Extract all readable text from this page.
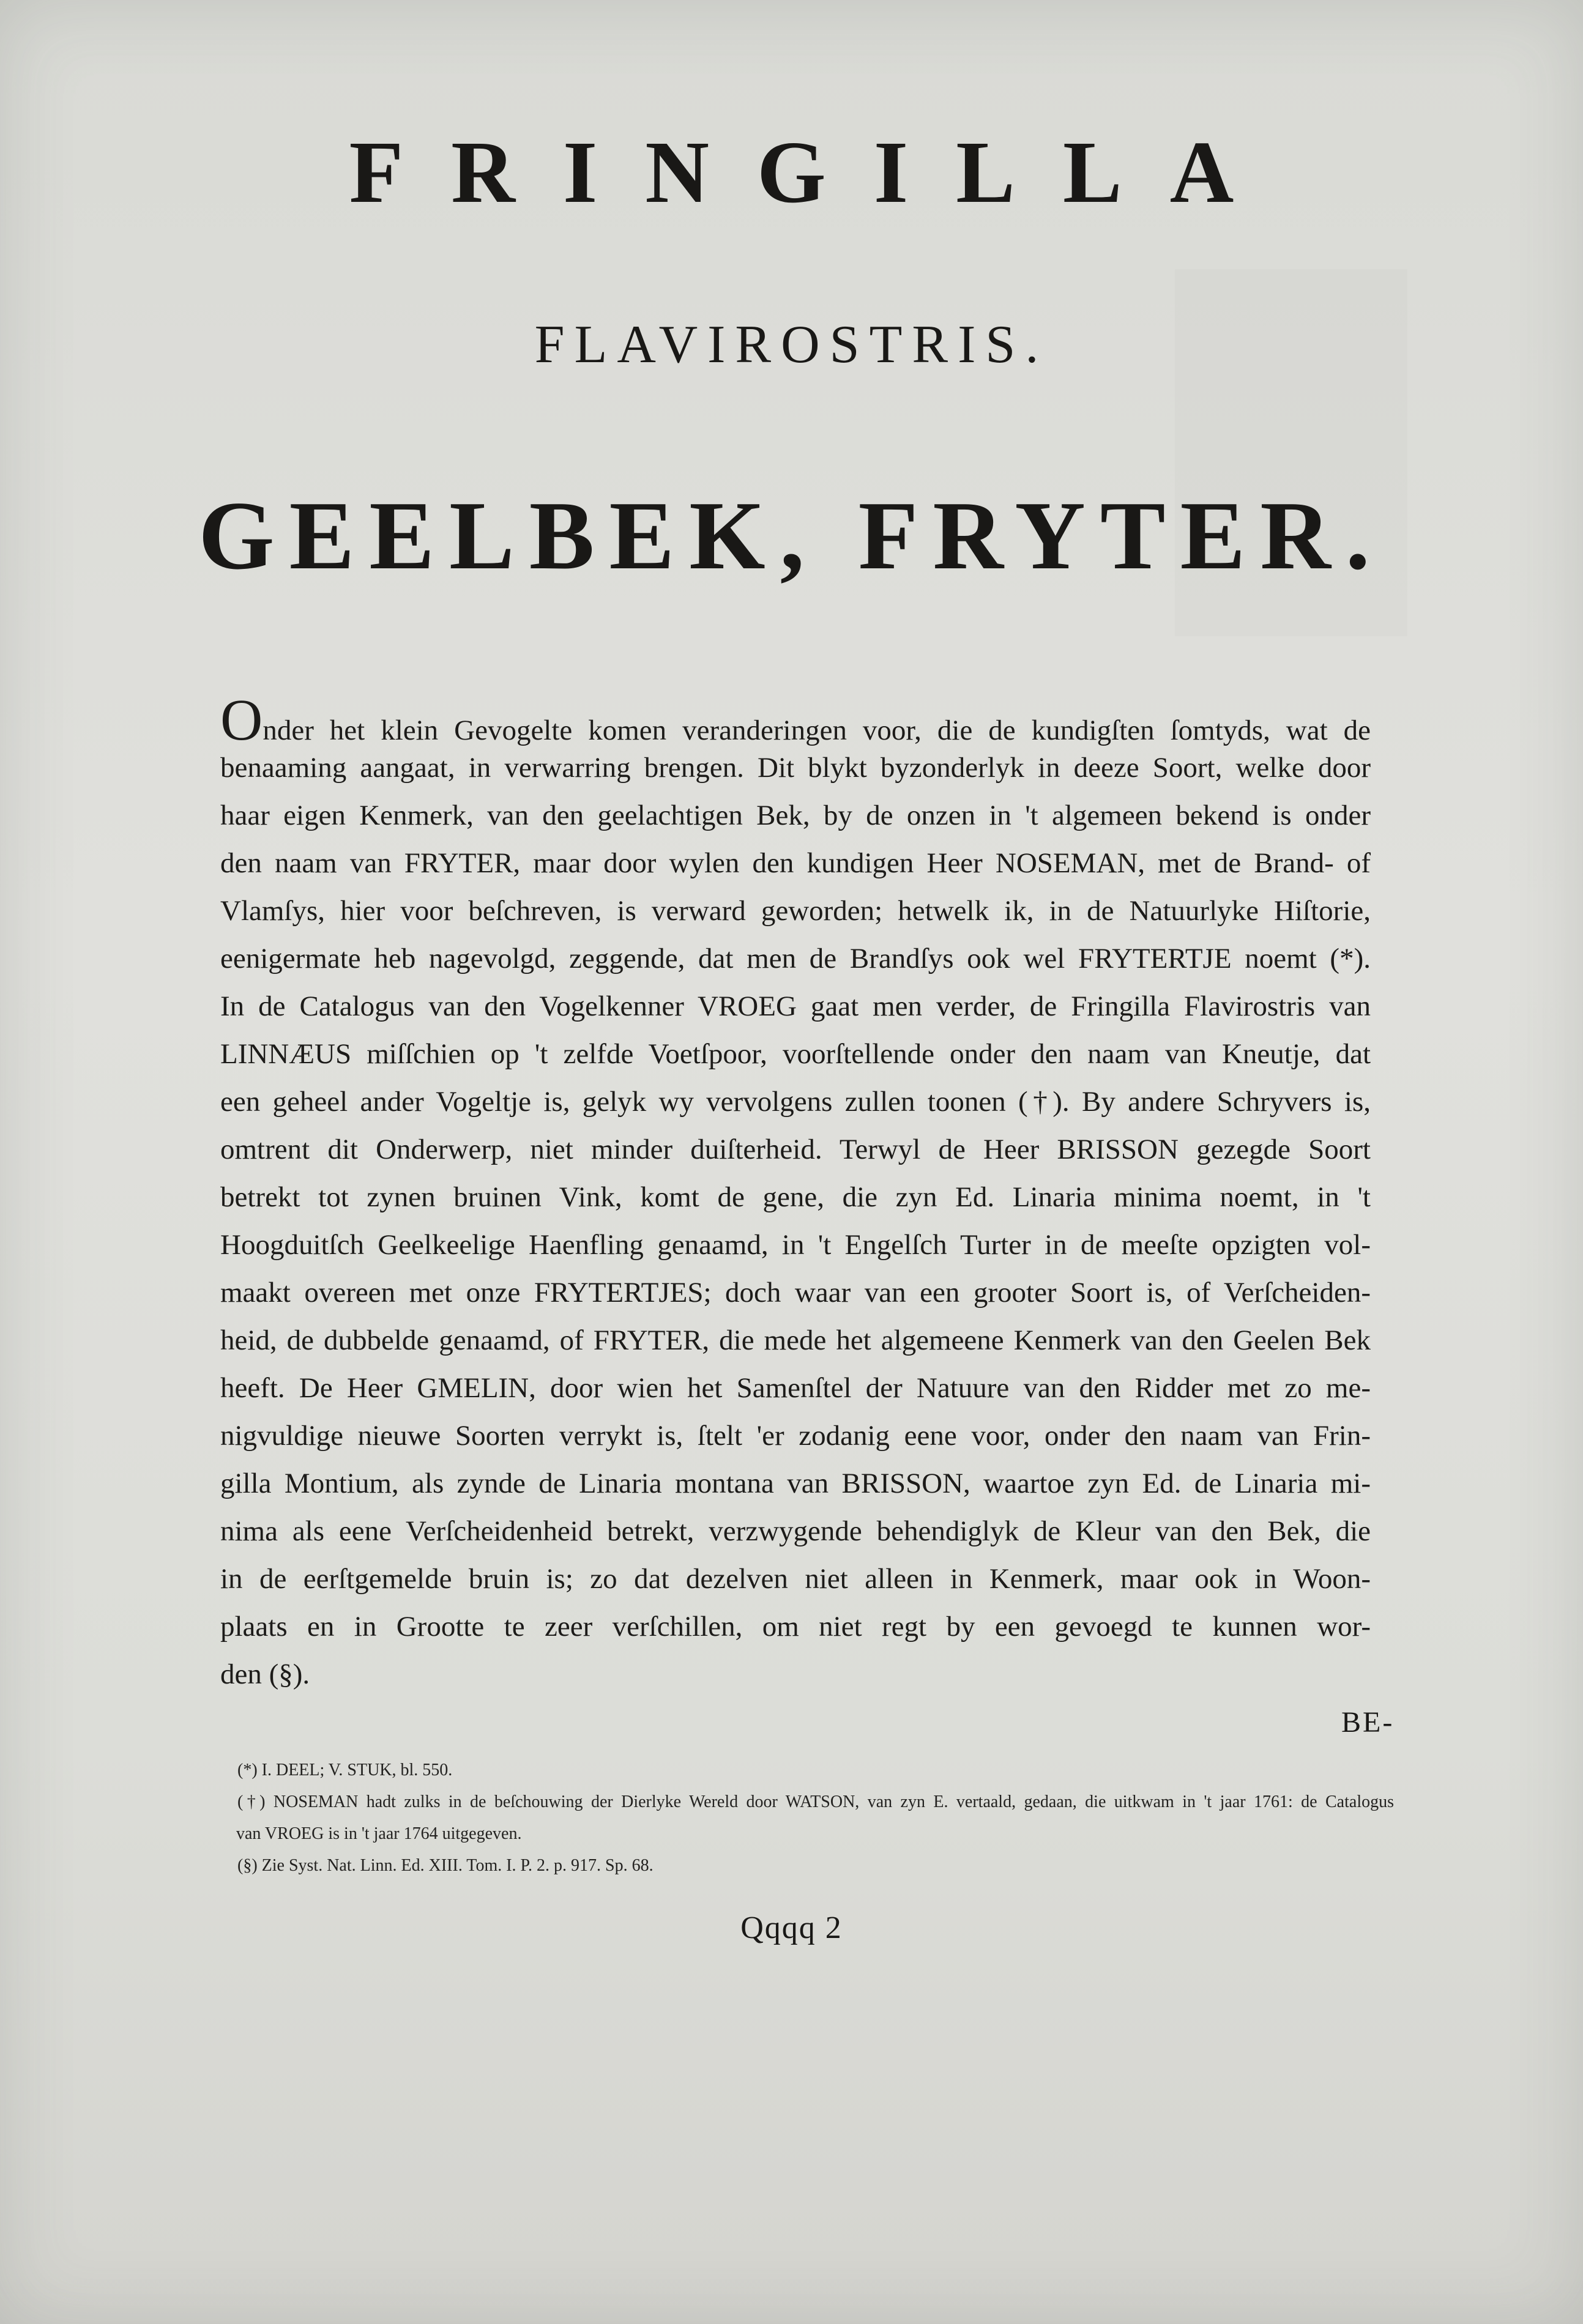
FRINGILLA
FLAVIROSTRIS.
GEELBEK, FRYTER.
Onder het klein Gevogelte komen veranderingen voor, die de kundigſten ſomtyds, wat de
benaaming aangaat, in verwarring brengen. Dit blykt byzonderlyk in deeze Soort, welke door
haar eigen Kenmerk, van den geelachtigen Bek, by de onzen in 't algemeen bekend is onder
den naam van FRYTER, maar door wylen den kundigen Heer NOSEMAN, met de Brand- of
Vlamſys, hier voor beſchreven, is verward geworden; hetwelk ik, in de Natuurlyke Hiſtorie,
eenigermate heb nagevolgd, zeggende, dat men de Brandſys ook wel FRYTERTJE noemt (*).
In de Catalogus van den Vogelkenner VROEG gaat men verder, de Fringilla Flavirostris van
LINNÆUS miſſchien op 't zelfde Voetſpoor, voorſtellende onder den naam van Kneutje, dat
een geheel ander Vogeltje is, gelyk wy vervolgens zullen toonen (†). By andere Schryvers is,
omtrent dit Onderwerp, niet minder duiſterheid. Terwyl de Heer BRISSON gezegde Soort
betrekt tot zynen bruinen Vink, komt de gene, die zyn Ed. Linaria minima noemt, in 't
Hoogduitſch Geelkeelige Haenfling genaamd, in 't Engelſch Turter in de meeſte opzigten vol-
maakt overeen met onze FRYTERTJES; doch waar van een grooter Soort is, of Verſcheiden-
heid, de dubbelde genaamd, of FRYTER, die mede het algemeene Kenmerk van den Geelen Bek
heeft. De Heer GMELIN, door wien het Samenſtel der Natuure van den Ridder met zo me-
nigvuldige nieuwe Soorten verrykt is, ſtelt 'er zodanig eene voor, onder den naam van Frin-
gilla Montium, als zynde de Linaria montana van BRISSON, waartoe zyn Ed. de Linaria mi-
nima als eene Verſcheidenheid betrekt, verzwygende behendiglyk de Kleur van den Bek, die
in de eerſtgemelde bruin is; zo dat dezelven niet alleen in Kenmerk, maar ook in Woon-
plaats en in Grootte te zeer verſchillen, om niet regt by een gevoegd te kunnen wor-
den (§).
BE-
(*) I. DEEL; V. STUK, bl. 550.
(†) NOSEMAN hadt zulks in de beſchouwing der Dierlyke Wereld door WATSON, van zyn E. vertaald, gedaan, die uitkwam in 't jaar 1761: de Catalogus
van VROEG is in 't jaar 1764 uitgegeven.
(§) Zie Syst. Nat. Linn. Ed. XIII. Tom. I. P. 2. p. 917. Sp. 68.
Qqqq 2
